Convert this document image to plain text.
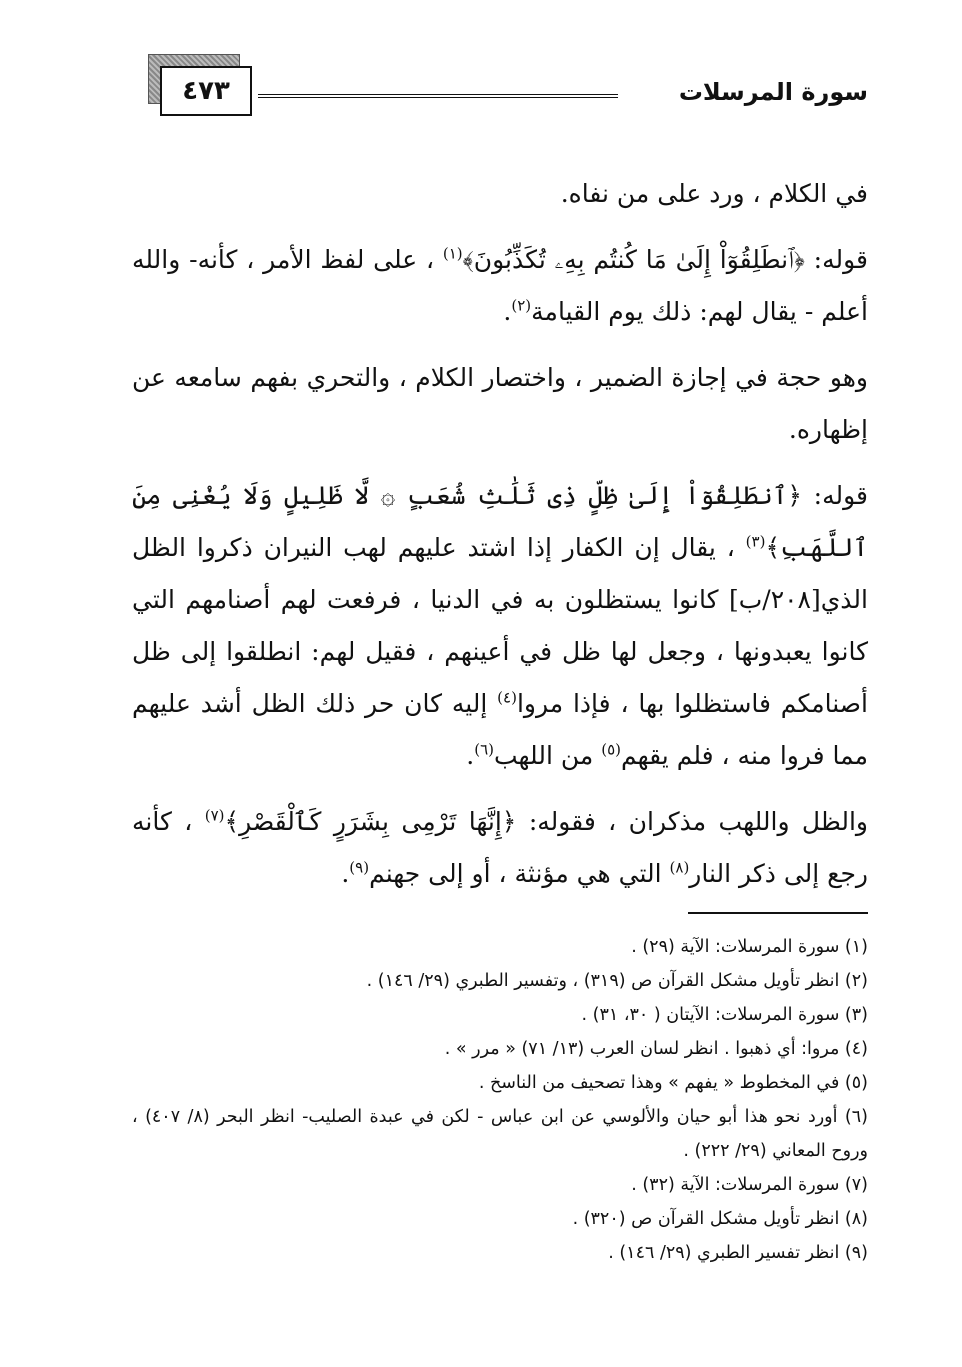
٤٧٣	سورة المرسلات

في الكلام ، ورد على من نفاه.

قوله: ﴿ٱنطَلِقُوٓاْ إِلَىٰ مَا كُنتُم بِهِۦ تُكَذِّبُونَ﴾$^{(١)}$ ، على لفظ الأمر ، كأنه- والله أعلم - يقال لهم: ذلك يوم القيامة$^{(٢)}$.

وهو حجة في إجازة الضمير ، واختصار الكلام ، والتحري بفهم سامعه عن إظهاره.

قوله: ﴿ٱنطَلِقُوٓاْ إِلَىٰ ظِلٍّ ذِى ثَلَٰثِ شُعَبٍ ۞ لَّا ظَلِيلٍ وَلَا يُغْنِى مِنَ ٱللَّهَبِ﴾$^{(٣)}$ ، يقال إن الكفار إذا اشتد عليهم لهب النيران ذكروا الظل الذي[٢٠٨/ب] كانوا يستظلون به في الدنيا ، فرفعت لهم أصنامهم التي كانوا يعبدونها ، وجعل لها ظل في أعينهم ، فقيل لهم: انطلقوا إلى ظل أصنامكم فاستظلوا بها ، فإذا مروا$^{(٤)}$ إليه كان حر ذلك الظل أشد عليهم مما فروا منه ، فلم يقهم$^{(٥)}$ من اللهب$^{(٦)}$.

والظل واللهب مذكران ، فقوله: ﴿إِنَّهَا تَرْمِى بِشَرَرٍ كَٱلْقَصْرِ﴾$^{(٧)}$ ، كأنه رجع إلى ذكر النار$^{(٨)}$ التي هي مؤنثة ، أو إلى جهنم$^{(٩)}$.

(١) سورة المرسلات: الآية (٢٩) .
(٢) انظر تأويل مشكل القرآن ص (٣١٩) ، وتفسير الطبري (٢٩/ ١٤٦) .
(٣) سورة المرسلات: الآيتان ( ٣٠، ٣١) .
(٤) مروا: أي ذهبوا . انظر لسان العرب (١٣/ ٧١) « مرر » .
(٥) في المخطوط « يفهم » وهذا تصحيف من الناسخ .
(٦) أورد نحو هذا أبو حيان والألوسي عن ابن عباس - لكن في عبدة الصليب- انظر البحر (٨/ ٤٠٧) ، وروح المعاني (٢٩/ ٢٢٢) .
(٧) سورة المرسلات: الآية (٣٢) .
(٨) انظر تأويل مشكل القرآن ص (٣٢٠) .
(٩) انظر تفسير الطبري (٢٩/ ١٤٦) .
